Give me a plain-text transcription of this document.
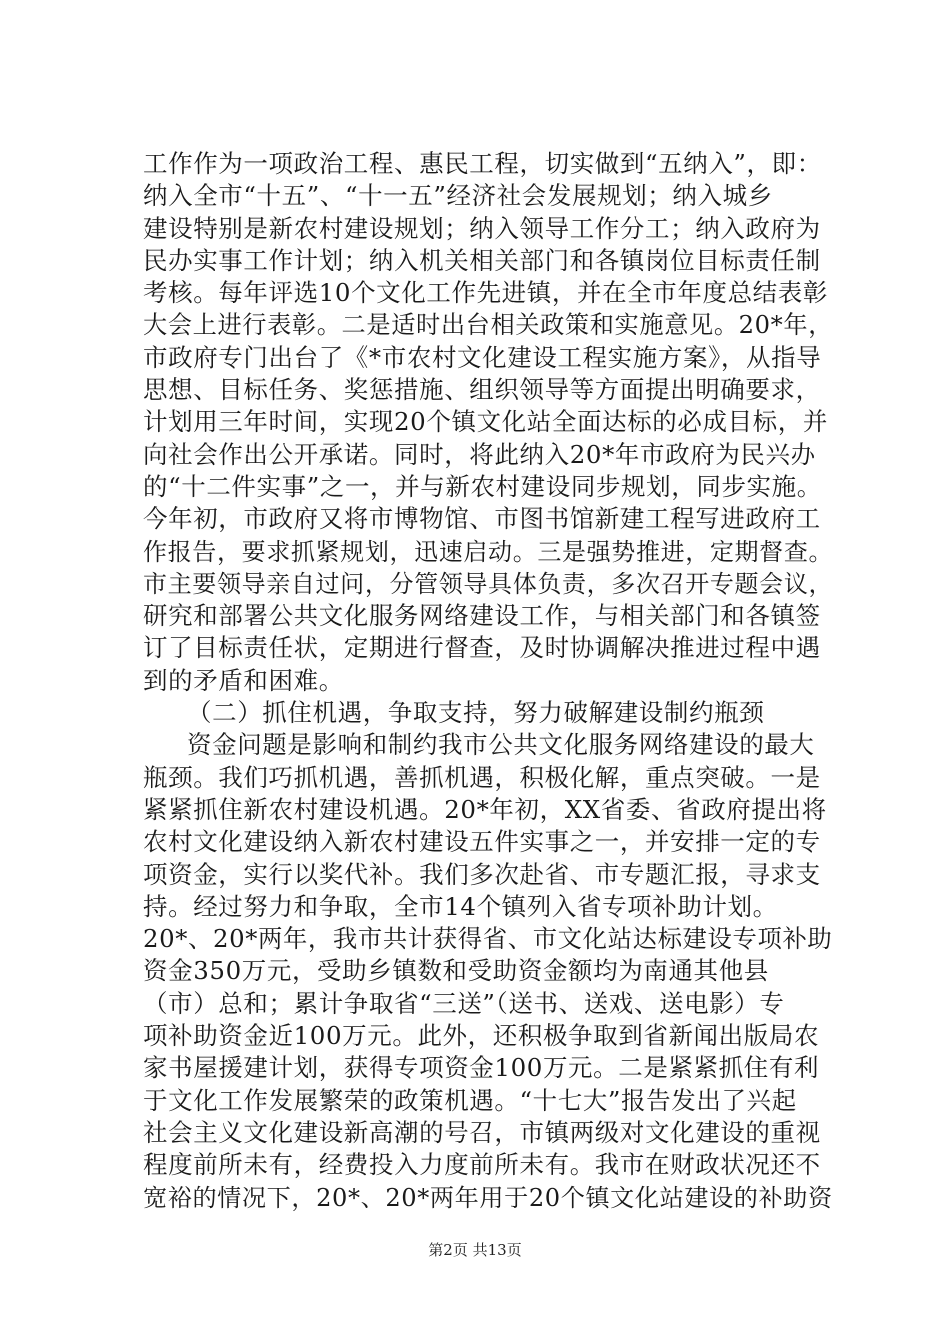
工作作为一项政治工程、惠民工程，切实做到“五纳入”，即：
纳入全市“十五”、“十一五”经济社会发展规划；纳入城乡
建设特别是新农村建设规划；纳入领导工作分工；纳入政府为
民办实事工作计划；纳入机关相关部门和各镇岗位目标责任制
考核。每年评选10个文化工作先进镇，并在全市年度总结表彰
大会上进行表彰。二是适时出台相关政策和实施意见。20*年，
市政府专门出台了《*市农村文化建设工程实施方案》，从指导
思想、目标任务、奖惩措施、组织领导等方面提出明确要求，
计划用三年时间，实现20个镇文化站全面达标的必成目标，并
向社会作出公开承诺。同时，将此纳入20*年市政府为民兴办
的“十二件实事”之一，并与新农村建设同步规划，同步实施。
今年初，市政府又将市博物馆、市图书馆新建工程写进政府工
作报告，要求抓紧规划，迅速启动。三是强势推进，定期督查。
市主要领导亲自过问，分管领导具体负责，多次召开专题会议，
研究和部署公共文化服务网络建设工作，与相关部门和各镇签
订了目标责任状，定期进行督查，及时协调解决推进过程中遇
到的矛盾和困难。
（二）抓住机遇，争取支持，努力破解建设制约瓶颈
资金问题是影响和制约我市公共文化服务网络建设的最大
瓶颈。我们巧抓机遇，善抓机遇，积极化解，重点突破。一是
紧紧抓住新农村建设机遇。20*年初，XX省委、省政府提出将
农村文化建设纳入新农村建设五件实事之一，并安排一定的专
项资金，实行以奖代补。我们多次赴省、市专题汇报，寻求支
持。经过努力和争取，全市14个镇列入省专项补助计划。
20*、20*两年，我市共计获得省、市文化站达标建设专项补助
资金350万元，受助乡镇数和受助资金额均为南通其他县
（市）总和；累计争取省“三送”（送书、送戏、送电影）专
项补助资金近100万元。此外，还积极争取到省新闻出版局农
家书屋援建计划，获得专项资金100万元。二是紧紧抓住有利
于文化工作发展繁荣的政策机遇。“十七大”报告发出了兴起
社会主义文化建设新高潮的号召，市镇两级对文化建设的重视
程度前所未有，经费投入力度前所未有。我市在财政状况还不
宽裕的情况下，20*、20*两年用于20个镇文化站建设的补助资
第2页 共13页
